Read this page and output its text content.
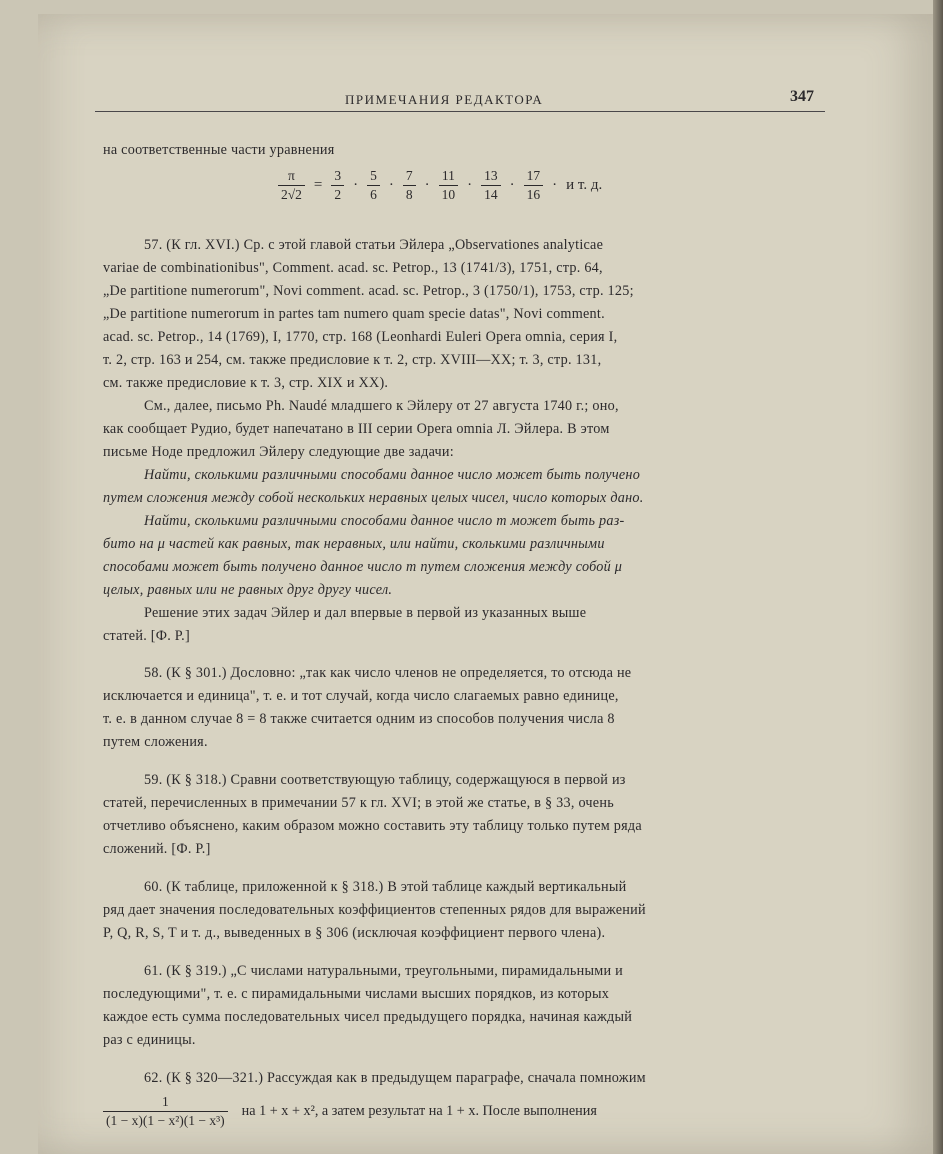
ПРИМЕЧАНИЯ РЕДАКТОРА	347
на соответственные части уравнения
$\frac{\pi}{2√2} = \frac{3}{2} \cdot \frac{5}{6} \cdot \frac{7}{8} \cdot \frac{11}{10} \cdot \frac{13}{14} \cdot \frac{17}{16} \cdot и$ т. д.
57. (К гл. XVI.) Ср. с этой главой статьи Эйлера „Observationes analyticae
variae de combinationibus", Comment. acad. sc. Petrop., 13 (1741/3), 1751, стр. 64,
„De partitione numerorum", Novi comment. acad. sc. Petrop., 3 (1750/1), 1753, стр. 125;
„De partitione numerorum in partes tam numero quam specie datas", Novi comment.
acad. sc. Petrop., 14 (1769), I, 1770, стр. 168 (Leonhardi Euleri Opera omnia, серия I,
т. 2, стр. 163 и 254, см. также предисловие к т. 2, стр. XVIII—XX; т. 3, стр. 131,
см. также предисловие к т. 3, стр. XIX и XX).
См., далее, письмо Ph. Naudé младшего к Эйлеру от 27 августа 1740 г.; оно,
как сообщает Рудио, будет напечатано в III серии Opera omnia Л. Эйлера. В этом
письме Ноде предложил Эйлеру следующие две задачи:
Найти, сколькими различными способами данное число может быть получено
путем сложения между собой нескольких неравных целых чисел, число которых дано.
Найти, сколькими различными способами данное число m может быть раз-
бито на μ частей как равных, так неравных, или найти, сколькими различными
способами может быть получено данное число m путем сложения между собой μ
целых, равных или не равных друг другу чисел.
Решение этих задач Эйлер и дал впервые в первой из указанных выше
статей. [Ф. Р.]
58. (К § 301.) Дословно: „так как число членов не определяется, то отсюда не
исключается и единица", т. е. и тот случай, когда число слагаемых равно единице,
т. е. в данном случае 8 = 8 также считается одним из способов получения числа 8
путем сложения.
59. (К § 318.) Сравни соответствующую таблицу, содержащуюся в первой из
статей, перечисленных в примечании 57 к гл. XVI; в этой же статье, в § 33, очень
отчетливо объяснено, каким образом можно составить эту таблицу только путем ряда
сложений. [Ф. Р.]
60. (К таблице, приложенной к § 318.) В этой таблице каждый вертикальный
ряд дает значения последовательных коэффициентов степенных рядов для выражений
P, Q, R, S, T и т. д., выведенных в § 306 (исключая коэффициент первого члена).
61. (К § 319.) „С числами натуральными, треугольными, пирамидальными и
последующими", т. е. с пирамидальными числами высших порядков, из которых
каждое есть сумма последовательных чисел предыдущего порядка, начиная каждый
раз с единицы.
62. (К § 320—321.) Рассуждая как в предыдущем параграфе, сначала помножим
$\frac{1}{\text{(1 − x)(1 − x²)(1 − x³)}}$ на 1 + x + x², а затем результат на 1 + x. После выполнения
